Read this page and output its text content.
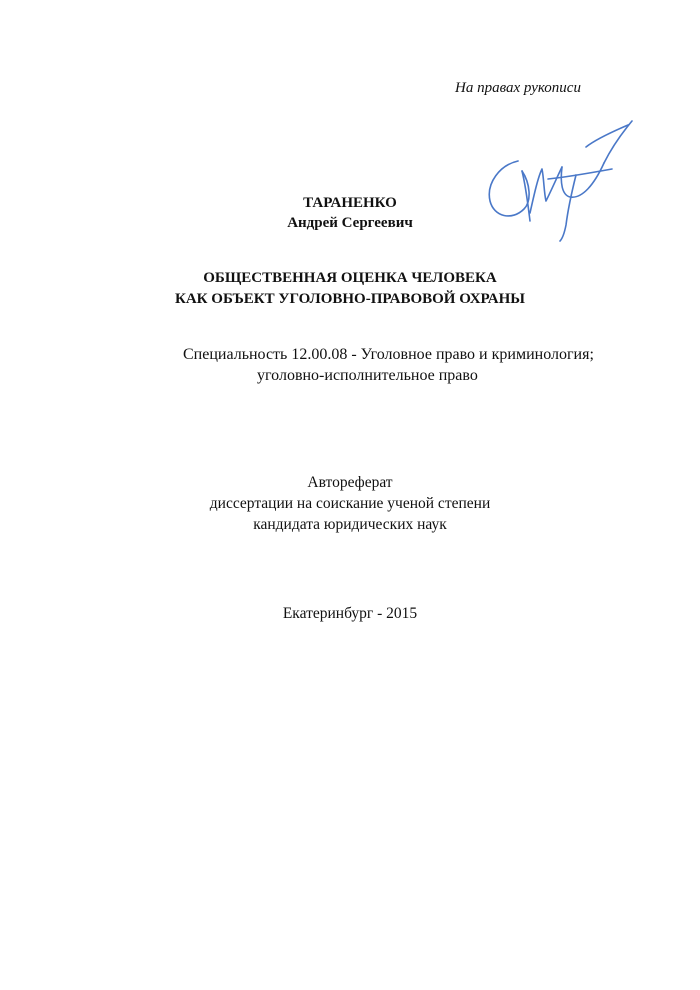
На правах рукописи
ТАРАНЕНКО
Андрей Сергеевич
ОБЩЕСТВЕННАЯ ОЦЕНКА ЧЕЛОВЕКА
КАК ОБЪЕКТ УГОЛОВНО-ПРАВОВОЙ ОХРАНЫ
Специальность 12.00.08 - Уголовное право и криминология;
уголовно-исполнительное право
Автореферат
диссертации на соискание ученой степени
кандидата юридических наук
Екатеринбург - 2015
